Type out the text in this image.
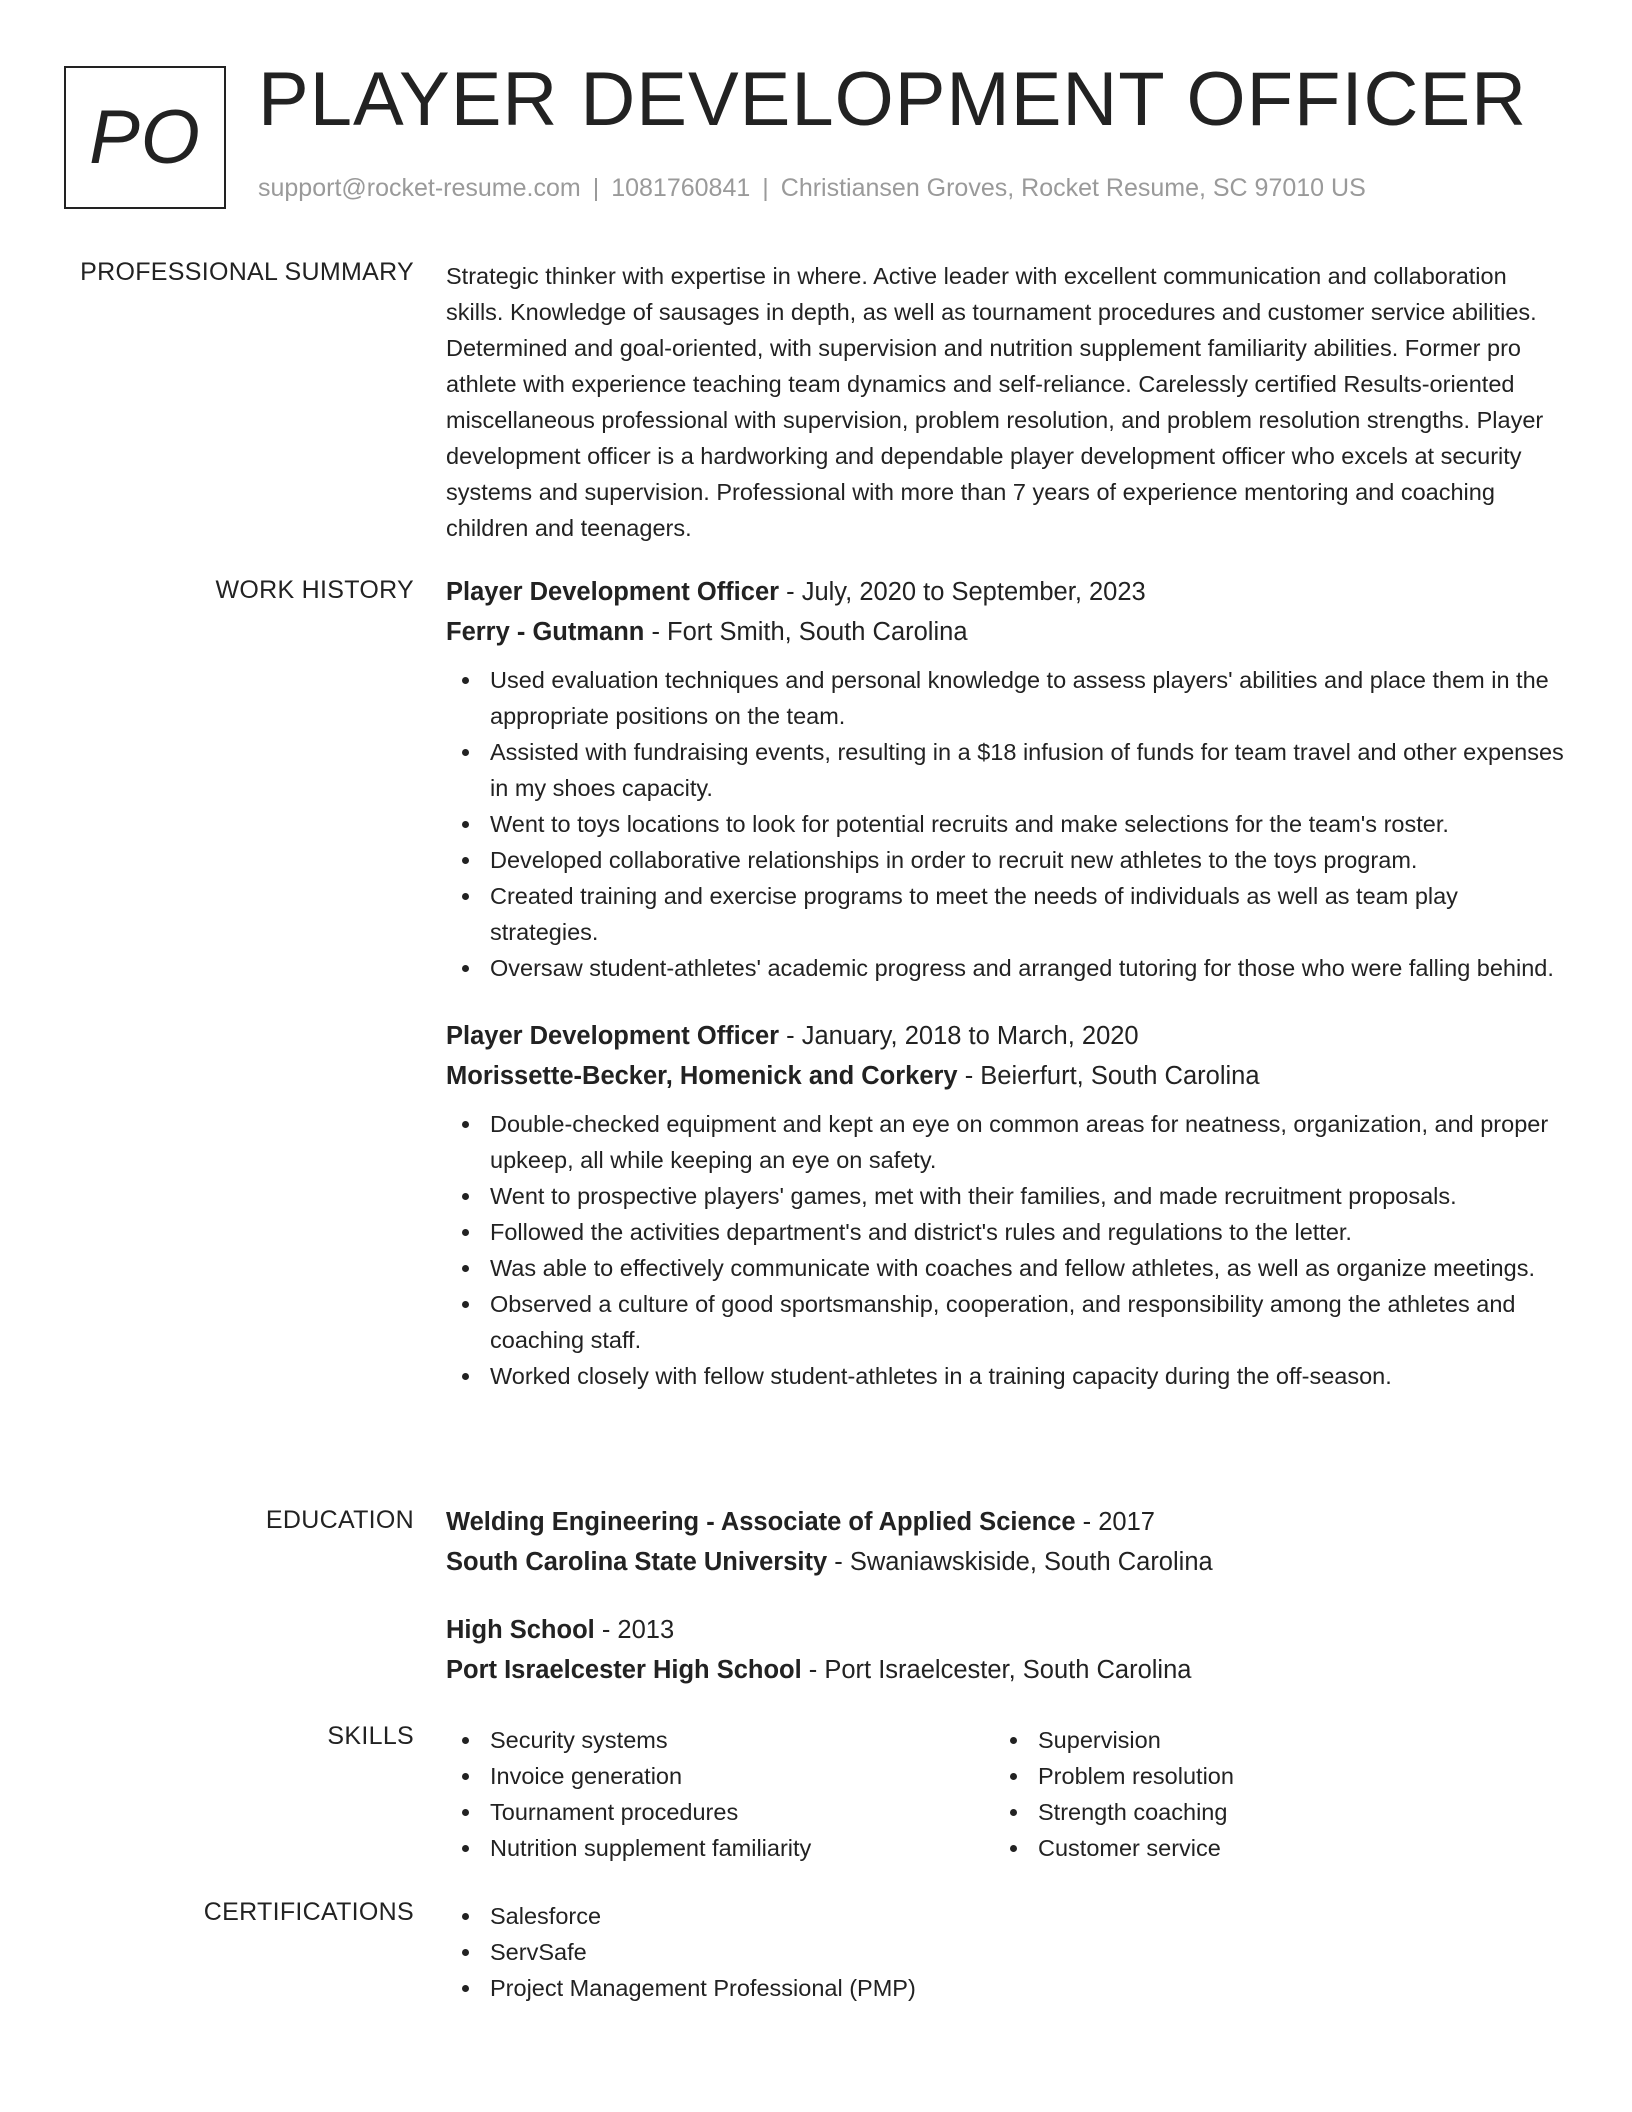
PO PLAYER DEVELOPMENT OFFICER
support@rocket-resume.com | 1081760841 | Christiansen Groves, Rocket Resume, SC 97010 US
PROFESSIONAL SUMMARY Strategic thinker with expertise in where. Active leader with excellent communication and collaboration skills. Knowledge of sausages in depth, as well as tournament procedures and customer service abilities. Determined and goal-oriented, with supervision and nutrition supplement familiarity abilities. Former pro athlete with experience teaching team dynamics and self-reliance. Carelessly certified Results-oriented miscellaneous professional with supervision, problem resolution, and problem resolution strengths. Player development officer is a hardworking and dependable player development officer who excels at security systems and supervision. Professional with more than 7 years of experience mentoring and coaching children and teenagers.
WORK HISTORY Player Development Officer - July, 2020 to September, 2023
Ferry - Gutmann - Fort Smith, South Carolina
Used evaluation techniques and personal knowledge to assess players' abilities and place them in the appropriate positions on the team.
Assisted with fundraising events, resulting in a $18 infusion of funds for team travel and other expenses in my shoes capacity.
Went to toys locations to look for potential recruits and make selections for the team's roster.
Developed collaborative relationships in order to recruit new athletes to the toys program.
Created training and exercise programs to meet the needs of individuals as well as team play strategies.
Oversaw student-athletes' academic progress and arranged tutoring for those who were falling behind.
Player Development Officer - January, 2018 to March, 2020
Morissette-Becker, Homenick and Corkery - Beierfurt, South Carolina
Double-checked equipment and kept an eye on common areas for neatness, organization, and proper upkeep, all while keeping an eye on safety.
Went to prospective players' games, met with their families, and made recruitment proposals.
Followed the activities department's and district's rules and regulations to the letter.
Was able to effectively communicate with coaches and fellow athletes, as well as organize meetings.
Observed a culture of good sportsmanship, cooperation, and responsibility among the athletes and coaching staff.
Worked closely with fellow student-athletes in a training capacity during the off-season.
EDUCATION Welding Engineering - Associate of Applied Science - 2017
South Carolina State University - Swaniawskiside, South Carolina
High School - 2013
Port Israelcester High School - Port Israelcester, South Carolina
SKILLS	Security systems
Invoice generation
Tournament procedures
Nutrition supplement familiarity
Supervision
Problem resolution
Strength coaching
Customer service
CERTIFICATIONS	Salesforce
ServSafe
Project Management Professional (PMP)
